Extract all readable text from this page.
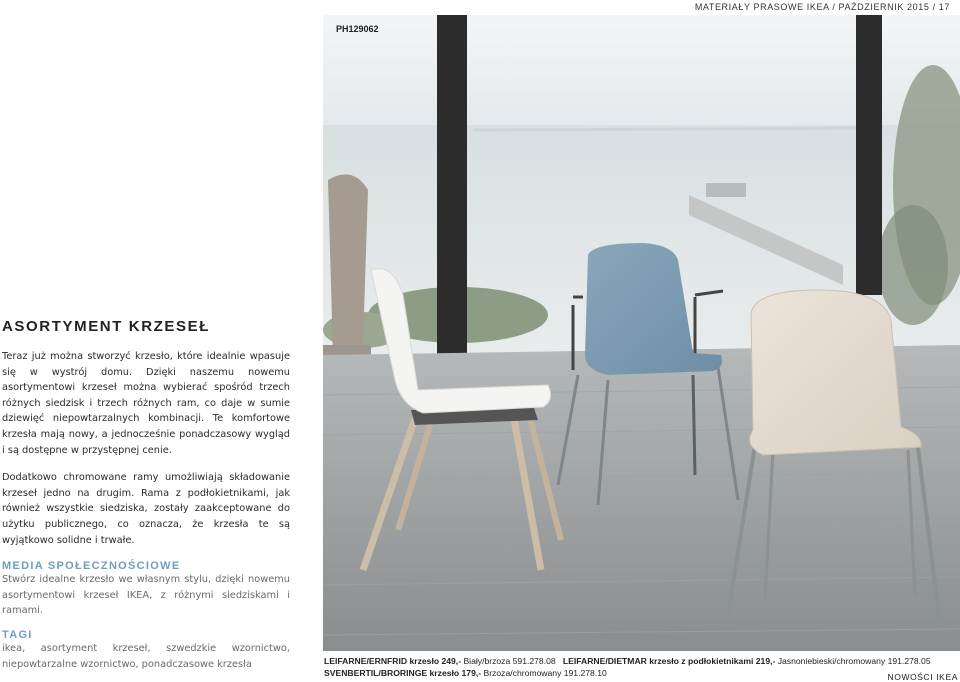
MATERIAŁY PRASOWE IKEA / PAŹDZIERNIK 2015 / 17
PH129062
ASORTYMENT KRZESEŁ

Teraz już można stworzyć krzesło, które idealnie wpasuje się w wystrój domu. Dzięki naszemu nowemu asortymentowi krzeseł można wybierać spośród trzech różnych siedzisk i trzech różnych ram, co daje w sumie dziewięć niepowtarzalnych kombinacji. Te komfortowe krzesła mają nowy, a jednocześnie ponadczasowy wygląd i są dostępne w przystępnej cenie.

Dodatkowo chromowane ramy umożliwiają składowanie krzeseł jedno na drugim. Rama z podłokietnikami, jak również wszystkie siedziska, zostały zaakceptowane do użytku publicznego, co oznacza, że krzesła te są wyjątkowo solidne i trwałe.

MEDIA SPOŁECZNOŚCIOWE

Stwórz idealne krzesło we własnym stylu, dzięki nowemu asortymentowi krzeseł IKEA, z różnymi siedziskami i ramami.

TAGI

ikea, asortyment krzeseł, szwedzkie wzornictwo, niepowtarzalne wzornictwo, ponadczasowe krzesła	LEIFARNE/ERNFRID krzesło 249,- Biały/brzoza 591.278.08 LEIFARNE/DIETMAR krzesło z podłokietnikami 219,- Jasnoniebieski/chromowany 191.278.05   SVENBERTIL/BRORINGE krzesło 179,- Brzoza/chromowany 191.278.10	NOWOŚCI IKEA
